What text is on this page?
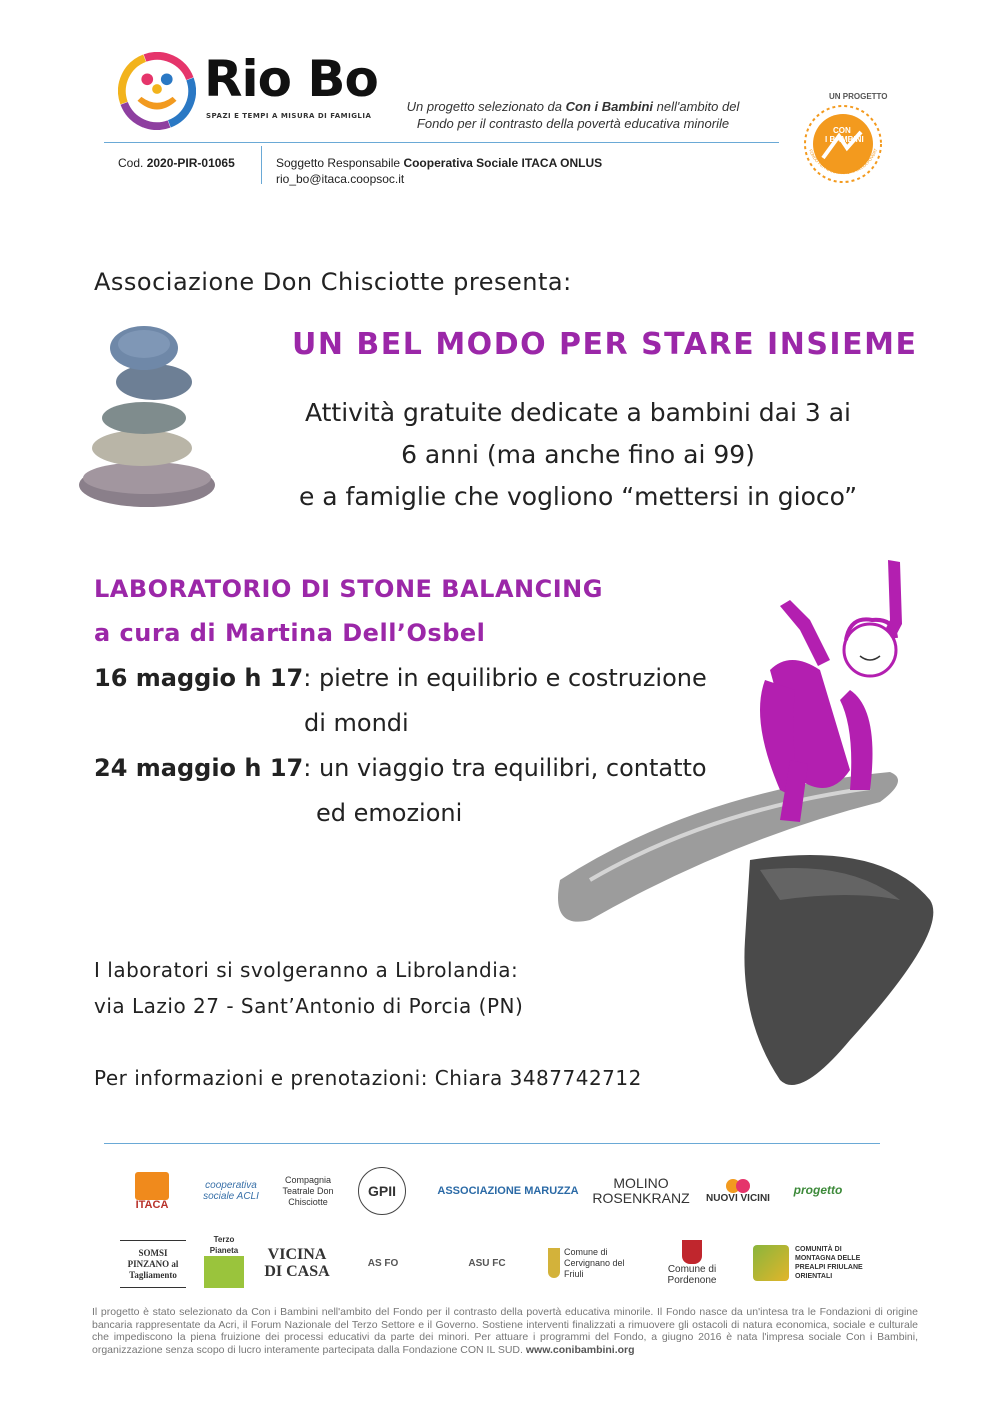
Rio Bo
SPAZI E TEMPI A MISURA DI FAMIGLIA
Un progetto selezionato da Con i Bambini nell'ambito del
Fondo per il contrasto della povertà educativa minorile
Cod. 2020-PIR-01065	Soggetto Responsabile Cooperativa Sociale ITACA ONLUS
rio_bo@itaca.coopsoc.it
UN PROGETTO
CON
I BAMBINI
FONDO PER IL CONTRASTO DELLA POVERT
Associazione Don Chisciotte presenta:
UN BEL MODO PER STARE INSIEME
Attività gratuite dedicate a bambini dai 3 ai
6 anni (ma anche fino ai 99)
e a famiglie che vogliono “mettersi in gioco”
LABORATORIO DI STONE BALANCING
a cura di Martina Dell’Osbel
16 maggio h 17: pietre in equilibrio e costruzione
di mondi
24 maggio h 17: un viaggio tra equilibri, contatto
ed emozioni
I laboratori si svolgeranno a Librolandia:
via Lazio 27 - Sant’Antonio di Porcia (PN)
Per informazioni e prenotazioni: Chiara 3487742712
ITACA
cooperativa sociale ACLI
Compagnia Teatrale Don Chisciotte
GPII	ASSOCIAZIONE MARUZZA	MOLINO ROSENKRANZ NUOVI VICINI
progetto
SOMSI PINZANO al Tagliamento
Terzo Pianeta	VICINA DI CASA	AS FO	ASU FC
Comune di Cervignano del Friuli	Comune di Pordenone
COMUNITÀ DI MONTAGNA DELLE PREALPI FRIULANE ORIENTALI
Il progetto è stato selezionato da Con i Bambini nell'ambito del Fondo per il contrasto della povertà educativa minorile. Il Fondo nasce da un'intesa tra le Fondazioni di origine bancaria rappresentate da Acri, il Forum Nazionale del Terzo Settore e il Governo. Sostiene interventi finalizzati a rimuovere gli ostacoli di natura economica, sociale e culturale che impediscono la piena fruizione dei processi educativi da parte dei minori. Per attuare i programmi del Fondo, a giugno 2016 è nata l'impresa sociale Con i Bambini, organizzazione senza scopo di lucro interamente partecipata dalla Fondazione CON IL SUD. www.conibambini.org
